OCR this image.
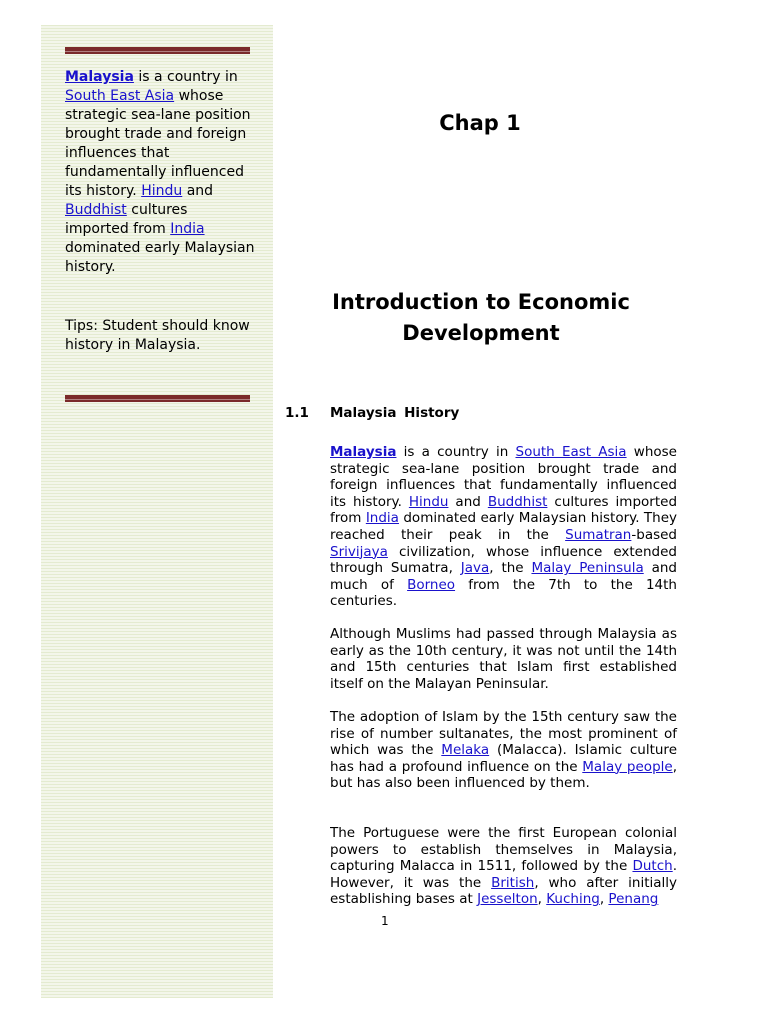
Malaysia is a country in South East Asia whose strategic sea-lane position brought trade and foreign influences that fundamentally influenced its history. Hindu and Buddhist cultures imported from India dominated early Malaysian history.
Tips: Student should know history in Malaysia.
Chap 1
Introduction to Economic Development
1.1 Malaysia History
Malaysia is a country in South East Asia whose strategic sea-lane position brought trade and foreign influences that fundamentally influenced its history. Hindu and Buddhist cultures imported from India dominated early Malaysian history. They reached their peak in the Sumatran-based Srivijaya civilization, whose influence extended through Sumatra, Java, the Malay Peninsula and much of Borneo from the 7th to the 14th centuries.
Although Muslims had passed through Malaysia as early as the 10th century, it was not until the 14th and 15th centuries that Islam first established itself on the Malayan Peninsular.
The adoption of Islam by the 15th century saw the rise of number sultanates, the most prominent of which was the Melaka (Malacca). Islamic culture has had a profound influence on the Malay people, but has also been influenced by them.
The Portuguese were the first European colonial powers to establish themselves in Malaysia, capturing Malacca in 1511, followed by the Dutch. However, it was the British, who after initially establishing bases at Jesselton, Kuching, Penang
1
